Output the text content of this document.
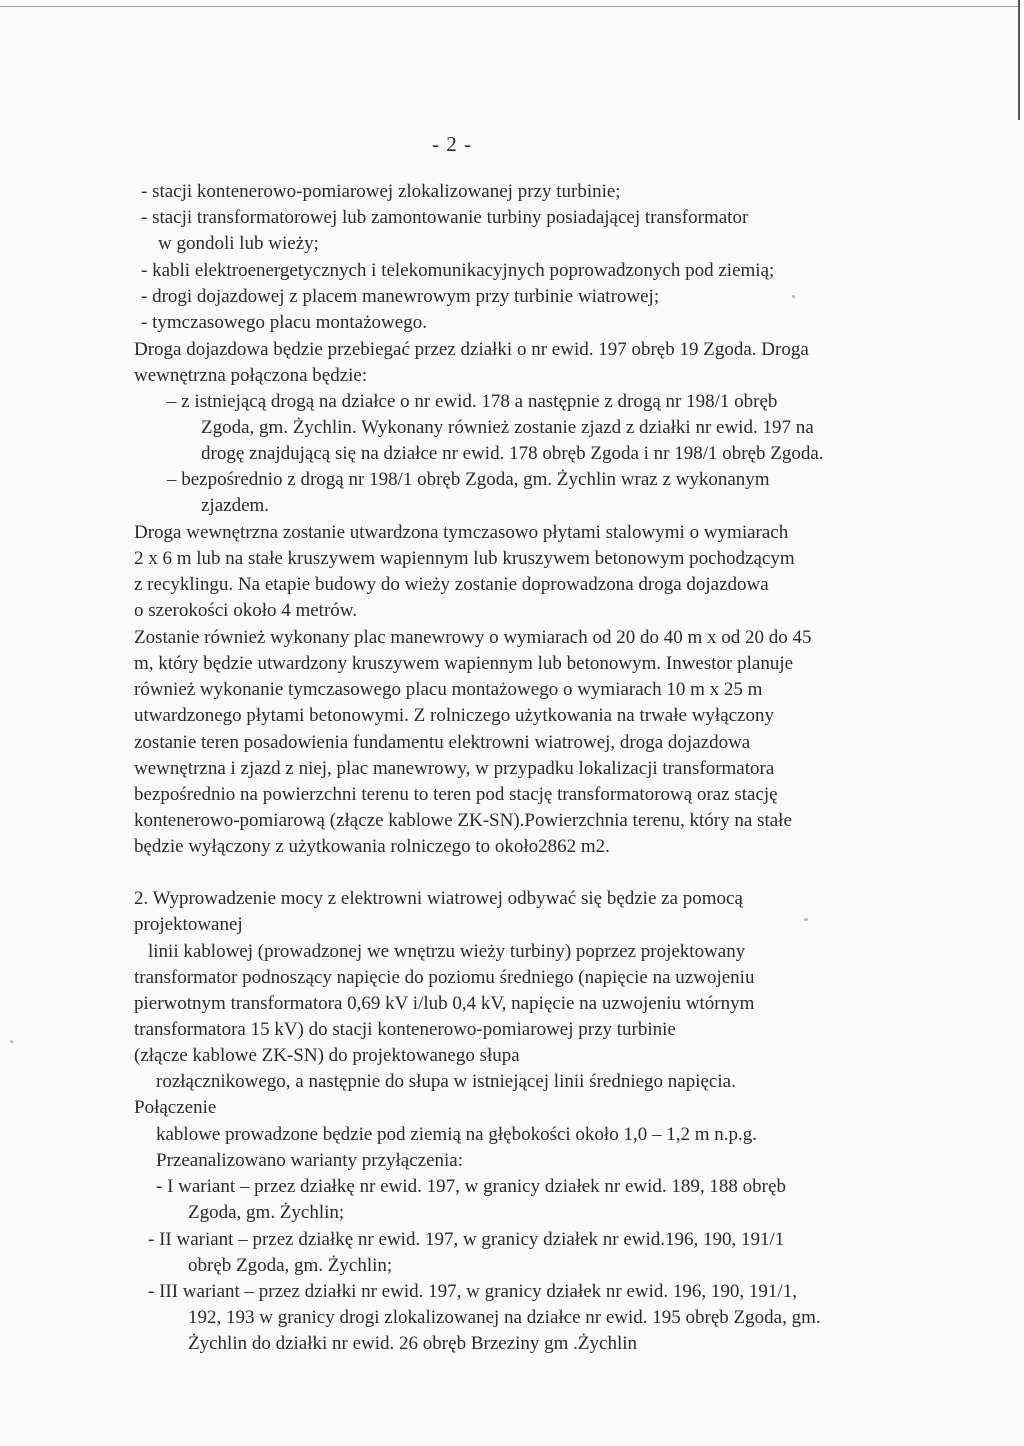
- 2 -
- stacji kontenerowo-pomiarowej zlokalizowanej przy turbinie;
- stacji transformatorowej lub zamontowanie turbiny posiadającej transformator
w gondoli lub wieży;
- kabli elektroenergetycznych i telekomunikacyjnych poprowadzonych pod ziemią;
- drogi dojazdowej z placem manewrowym przy turbinie wiatrowej;
- tymczasowego placu montażowego.
Droga dojazdowa będzie przebiegać przez działki o nr ewid. 197 obręb 19 Zgoda. Droga
wewnętrzna połączona będzie:
– z istniejącą drogą na działce o nr ewid. 178 a następnie z drogą nr 198/1 obręb
Zgoda, gm. Żychlin. Wykonany również zostanie zjazd z działki nr ewid. 197 na
drogę znajdującą się na działce nr ewid. 178 obręb Zgoda i nr 198/1 obręb Zgoda.
– bezpośrednio z drogą nr 198/1 obręb Zgoda, gm. Żychlin wraz z wykonanym
zjazdem.
Droga wewnętrzna zostanie utwardzona tymczasowo płytami stalowymi o wymiarach
2 x 6 m lub na stałe kruszywem wapiennym lub kruszywem betonowym pochodzącym
z recyklingu. Na etapie budowy do wieży zostanie doprowadzona droga dojazdowa
o szerokości około 4 metrów.
Zostanie również wykonany plac manewrowy o wymiarach od 20 do 40 m x od 20 do 45
m, który będzie utwardzony kruszywem wapiennym lub betonowym. Inwestor planuje
również wykonanie tymczasowego placu montażowego o wymiarach 10 m x 25 m
utwardzonego płytami betonowymi. Z rolniczego użytkowania na trwałe wyłączony
zostanie teren posadowienia fundamentu elektrowni wiatrowej, droga dojazdowa
wewnętrzna i zjazd z niej, plac manewrowy, w przypadku lokalizacji transformatora
bezpośrednio na powierzchni terenu to teren pod stację transformatorową oraz stację
kontenerowo-pomiarową (złącze kablowe ZK-SN).Powierzchnia terenu, który na stałe
będzie wyłączony z użytkowania rolniczego to około2862 m2.
2. Wyprowadzenie mocy z elektrowni wiatrowej odbywać się będzie za pomocą
projektowanej
linii kablowej (prowadzonej we wnętrzu wieży turbiny) poprzez projektowany
transformator podnoszący napięcie do poziomu średniego (napięcie na uzwojeniu
pierwotnym transformatora 0,69 kV i/lub 0,4 kV, napięcie na uzwojeniu wtórnym
transformatora 15 kV) do stacji kontenerowo-pomiarowej przy turbinie
(złącze kablowe ZK-SN) do projektowanego słupa
rozłącznikowego, a następnie do słupa w istniejącej linii średniego napięcia.
Połączenie
kablowe prowadzone będzie pod ziemią na głębokości około 1,0 – 1,2 m n.p.g.
Przeanalizowano warianty przyłączenia:
- I wariant – przez działkę nr ewid. 197, w granicy działek nr ewid. 189, 188 obręb
Zgoda, gm. Żychlin;
- II wariant – przez działkę nr ewid. 197, w granicy działek nr ewid.196, 190, 191/1
obręb Zgoda, gm. Żychlin;
- III wariant – przez działki nr ewid. 197, w granicy działek nr ewid. 196, 190, 191/1,
192, 193 w granicy drogi zlokalizowanej na działce nr ewid. 195 obręb Zgoda, gm.
Żychlin do działki nr ewid. 26 obręb Brzeziny gm .Żychlin
